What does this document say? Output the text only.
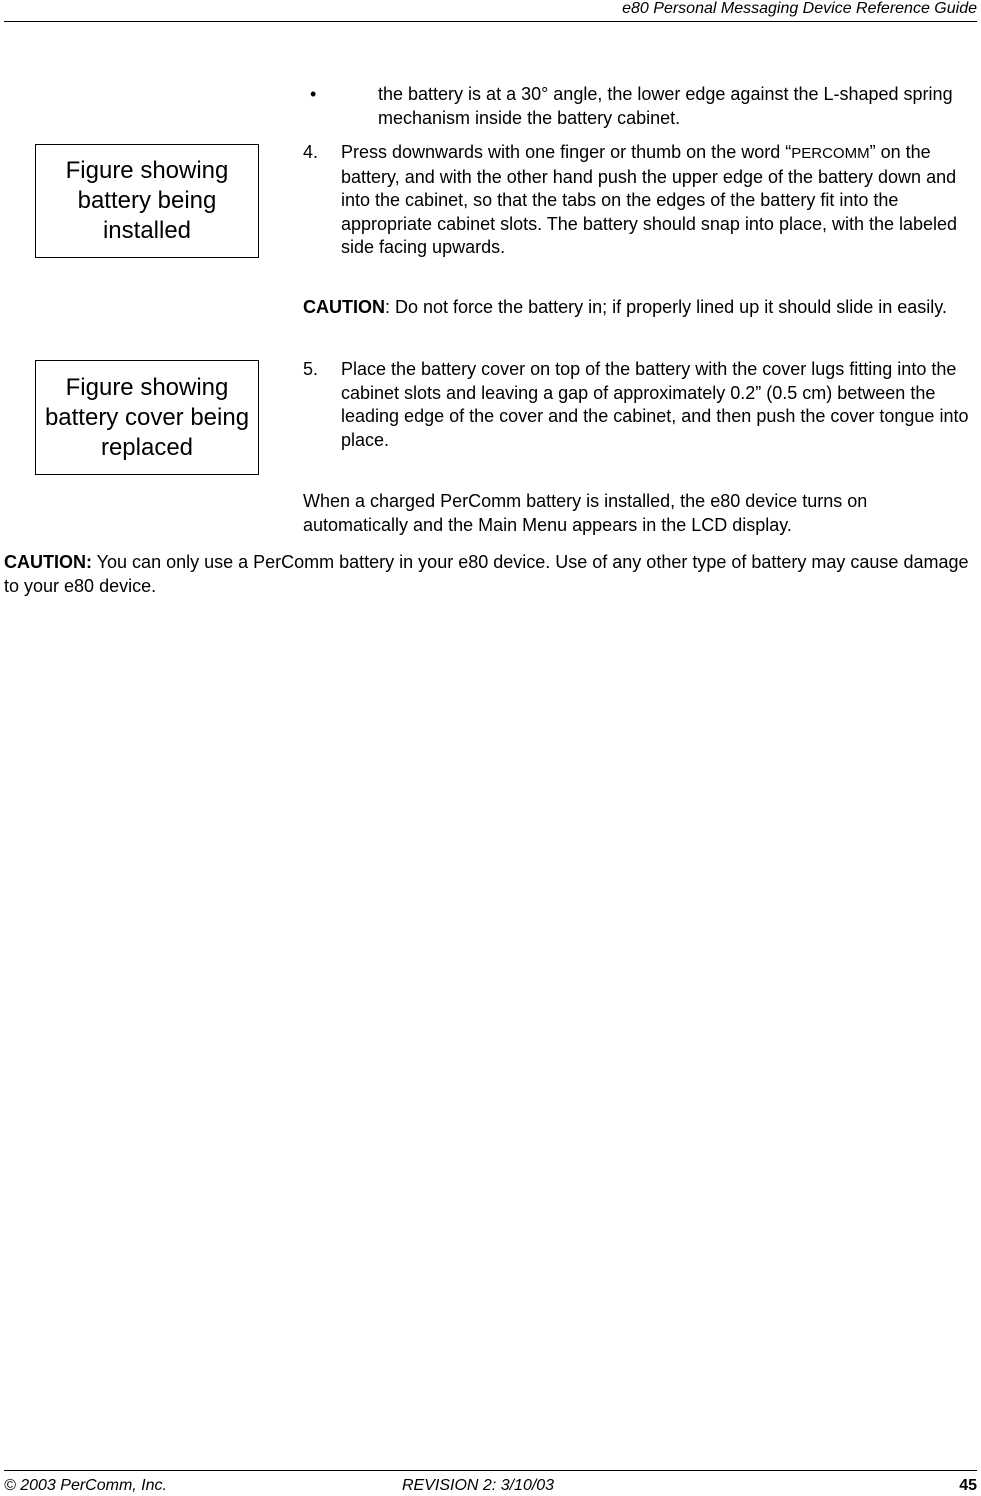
e80 Personal Messaging Device Reference Guide
Figure showing battery being installed
Figure showing battery cover being replaced
•	the battery is at a 30° angle, the lower edge against the L-shaped spring mechanism inside the battery cabinet.
4. Press downwards with one finger or thumb on the word “PERCOMM” on the battery, and with the other hand push the upper edge of the battery down and into the cabinet, so that the tabs on the edges of the battery fit into the appropriate cabinet slots. The battery should snap into place, with the labeled side facing upwards.
CAUTION: Do not force the battery in; if properly lined up it should slide in easily.
5. Place the battery cover on top of the battery with the cover lugs fitting into the cabinet slots and leaving a gap of approximately 0.2” (0.5 cm) between the leading edge of the cover and the cabinet, and then push the cover tongue into place.
When a charged PerComm battery is installed, the e80 device turns on automatically and the Main Menu appears in the LCD display.
CAUTION: You can only use a PerComm battery in your e80 device. Use of any other type of battery may cause damage to your e80 device.
© 2003 PerComm, Inc.	REVISION 2: 3/10/03	45
